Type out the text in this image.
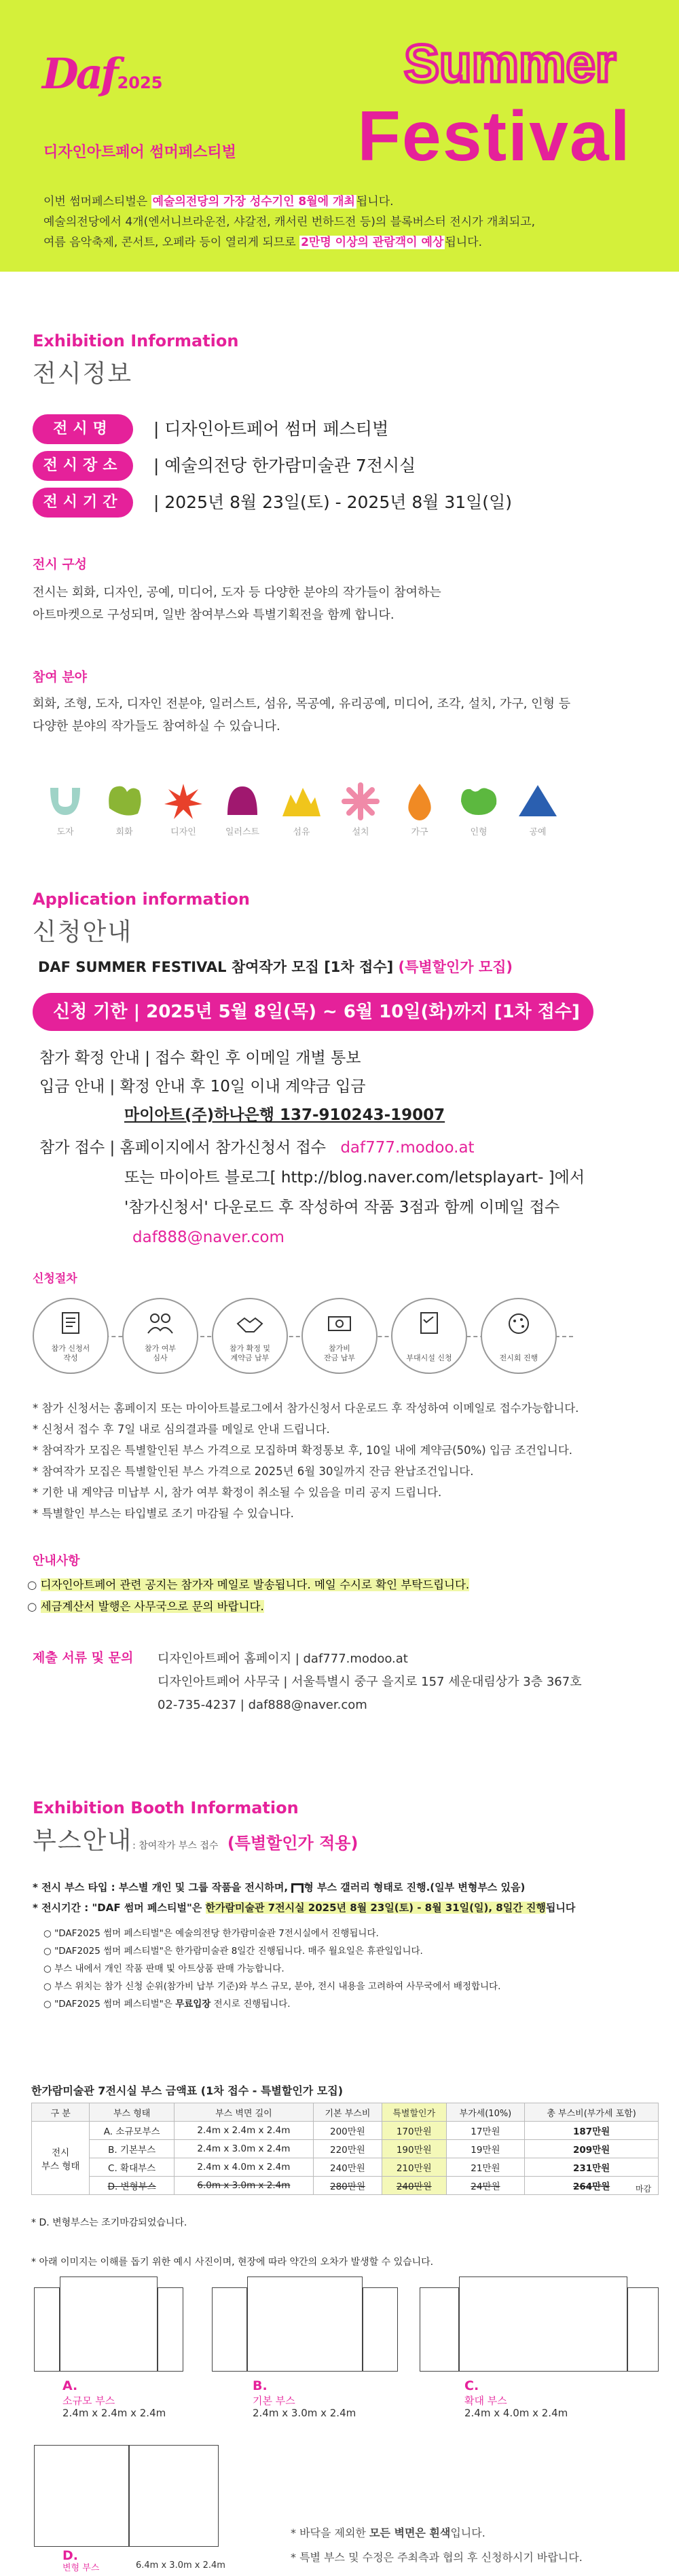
Daf2025	Summer
Festival
디자인아트페어 썸머페스티벌
이번 썸머페스티벌은 예술의전당의 가장 성수기인 8월에 개최 됩니다.
예술의전당에서 4개(엔서니브라운전, 샤갈전, 캐서린 번하드전 등)의 블록버스터 전시가 개최되고,
여름 음악축제, 콘서트, 오페라 등이 열리게 되므로 2만명 이상의 관람객이 예상 됩니다.
Exhibition Information
전시정보
전시명	| 디자인아트페어 썸머 페스티벌
전시장소	| 예술의전당 한가람미술관 7전시실
전시기간	| 2025년 8월 23일(토) - 2025년 8월 31일(일)
전시 구성
전시는 회화, 디자인, 공예, 미디어, 도자 등 다양한 분야의 작가들이 참여하는
아트마켓으로 구성되며, 일반 참여부스와 특별기획전을 함께 합니다.
참여 분야
회화, 조형, 도자, 디자인 전분야, 일러스트, 섬유, 목공예, 유리공예, 미디어, 조각, 설치, 가구, 인형 등
다양한 분야의 작가들도 참여하실 수 있습니다.
도자	회화	디자인	일러스트	섬유	설치	가구	인형	공예
Application information
신청안내
DAF SUMMER FESTIVAL 참여작가 모집 [1차 접수] (특별할인가 모집)
신청 기한 | 2025년 5월 8일(목) ~ 6월 10일(화)까지 [1차 접수]
참가 확정 안내 | 접수 확인 후 이메일 개별 통보
입금 안내 | 확정 안내 후 10일 이내 계약금 입금
마이아트(주)하나은행 137-910243-19007
참가 접수 | 홈페이지에서 참가신청서 접수 daf777.modoo.at
또는 마이아트 블로그[ http://blog.naver.com/letsplayart- ]에서
'참가신청서' 다운로드 후 작성하여 작품 3점과 함께 이메일 접수
daf888@naver.com
신청절차
참가 신청서
작성
참가 여부
심사
참가 확정 및
계약금 납부
참가비
잔금 납부	부대시설 신청	전시회 진행
* 참가 신청서는 홈페이지 또는 마이아트블로그에서 참가신청서 다운로드 후 작성하여 이메일로 접수가능합니다.
* 신청서 접수 후 7일 내로 심의결과를 메일로 안내 드립니다.
* 참여작가 모집은 특별할인된 부스 가격으로 모집하며 확정통보 후, 10일 내에 계약금(50%) 입금 조건입니다.
* 참여작가 모집은 특별할인된 부스 가격으로 2025년 6월 30일까지 잔금 완납조건입니다.
* 기한 내 계약금 미납부 시, 참가 여부 확정이 취소될 수 있음을 미리 공지 드립니다.
* 특별할인 부스는 타입별로 조기 마감될 수 있습니다.
안내사항
○ 디자인아트페어 관련 공지는 참가자 메일로 발송됩니다. 메일 수시로 확인 부탁드립니다.
○ 세금계산서 발행은 사무국으로 문의 바랍니다.
제출 서류 및 문의 디자인아트페어 홈페이지 | daf777.modoo.at
디자인아트페어 사무국 | 서울특별시 중구 을지로 157 세운대림상가 3층 367호
02-735-4237 | daf888@naver.com
Exhibition Booth Information
부스안내: 참여작가 부스 접수 (특별할인가 적용)
* 전시 부스 타입 : 부스별 개인 및 그룹 작품을 전시하며, 형 부스 갤러리 형태로 진행.(일부 변형부스 있음)
* 전시기간 : "DAF 썸머 페스티벌"은 한가람미술관 7전시실 2025년 8월 23일(토) - 8월 31일(일), 8일간 진행됩니다
○ "DAF2025 썸머 페스티벌"은 예술의전당 한가람미술관 7전시실에서 진행됩니다.
○ "DAF2025 썸머 페스티벌"은 한가람미술관 8일간 진행됩니다. 매주 월요일은 휴관일입니다.
○ 부스 내에서 개인 작품 판매 및 아트상품 판매 가능합니다.
○ 부스 위치는 참가 신청 순위(참가비 납부 기준)와 부스 규모, 분야, 전시 내용을 고려하여 사무국에서 배정합니다.
○ "DAF2025 썸머 페스티벌"은 무료입장 전시로 진행됩니다.
한가람미술관 7전시실 부스 금액표 (1차 접수 - 특별할인가 모집)
구 분	부스 형태	부스 벽면 길이	기본 부스비	특별할인가	부가세(10%)	총 부스비(부가세 포함)
전시
부스 형태	A. 소규모부스	2.4m x 2.4m x 2.4m	200만원	170만원	17만원	187만원
	B. 기본부스	2.4m x 3.0m x 2.4m	220만원	190만원	19만원	209만원
	C. 확대부스	2.4m x 4.0m x 2.4m	240만원	210만원	21만원	231만원
	D. 변형부스	6.0m x 3.0m x 2.4m	280만원	240만원	24만원	264만원	마감
* D. 변형부스는 조기마감되었습니다.
* 아래 이미지는 이해를 돕기 위한 예시 사진이며, 현장에 따라 약간의 오차가 발생할 수 있습니다.
A.
소규모 부스
2.4m x 2.4m x 2.4m
B.
기본 부스
2.4m x 3.0m x 2.4m
C.
확대 부스
2.4m x 4.0m x 2.4m
D.
변형 부스	6.4m x 3.0m x 2.4m
* 바닥을 제외한 모든 벽면은 흰색입니다.
* 특별 부스 및 수정은 주최측과 협의 후 신청하시기 바랍니다.
